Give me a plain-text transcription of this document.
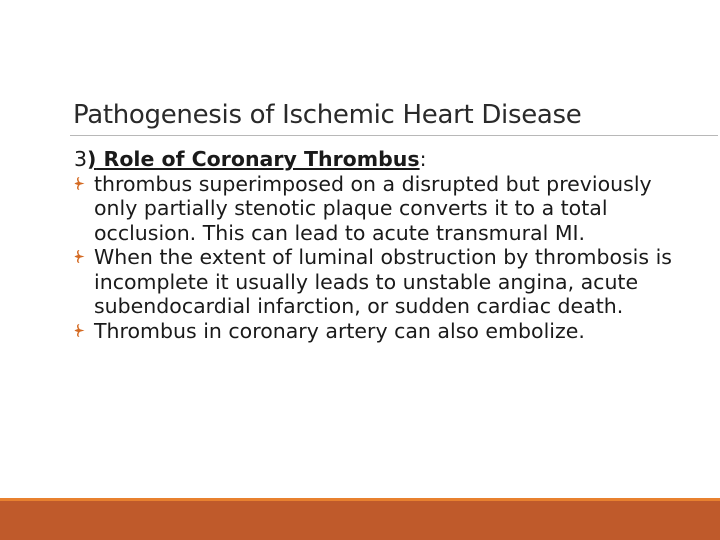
Pathogenesis of Ischemic Heart Disease

3) Role of Coronary Thrombus:

thrombus superimposed on a disrupted but previously only partially stenotic plaque converts it to a total occlusion. This can lead to acute transmural MI.
When the extent of luminal obstruction by thrombosis is incomplete it usually leads to unstable angina, acute subendocardial infarction, or sudden cardiac death.
Thrombus in coronary artery can also embolize.
